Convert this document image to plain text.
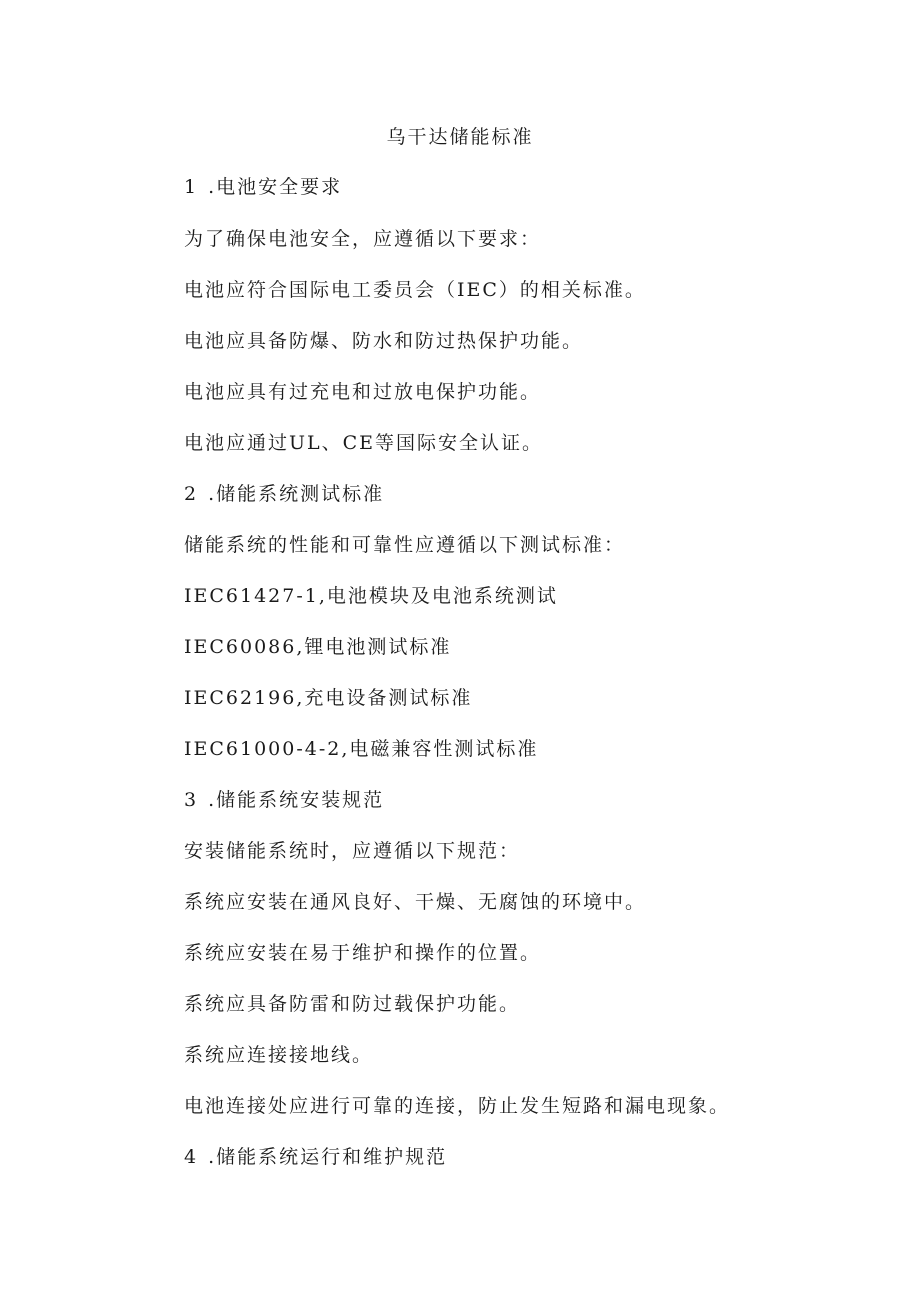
乌干达储能标准
1 .电池安全要求
为了确保电池安全，应遵循以下要求：
电池应符合国际电工委员会（IEC）的相关标准。
电池应具备防爆、防水和防过热保护功能。
电池应具有过充电和过放电保护功能。
电池应通过UL、CE等国际安全认证。
2 .储能系统测试标准
储能系统的性能和可靠性应遵循以下测试标准：
IEC61427-1,电池模块及电池系统测试
IEC60086,锂电池测试标准
IEC62196,充电设备测试标准
IEC61000-4-2,电磁兼容性测试标准
3 .储能系统安装规范
安装储能系统时，应遵循以下规范：
系统应安装在通风良好、干燥、无腐蚀的环境中。
系统应安装在易于维护和操作的位置。
系统应具备防雷和防过载保护功能。
系统应连接接地线。
电池连接处应进行可靠的连接，防止发生短路和漏电现象。
4 .储能系统运行和维护规范
